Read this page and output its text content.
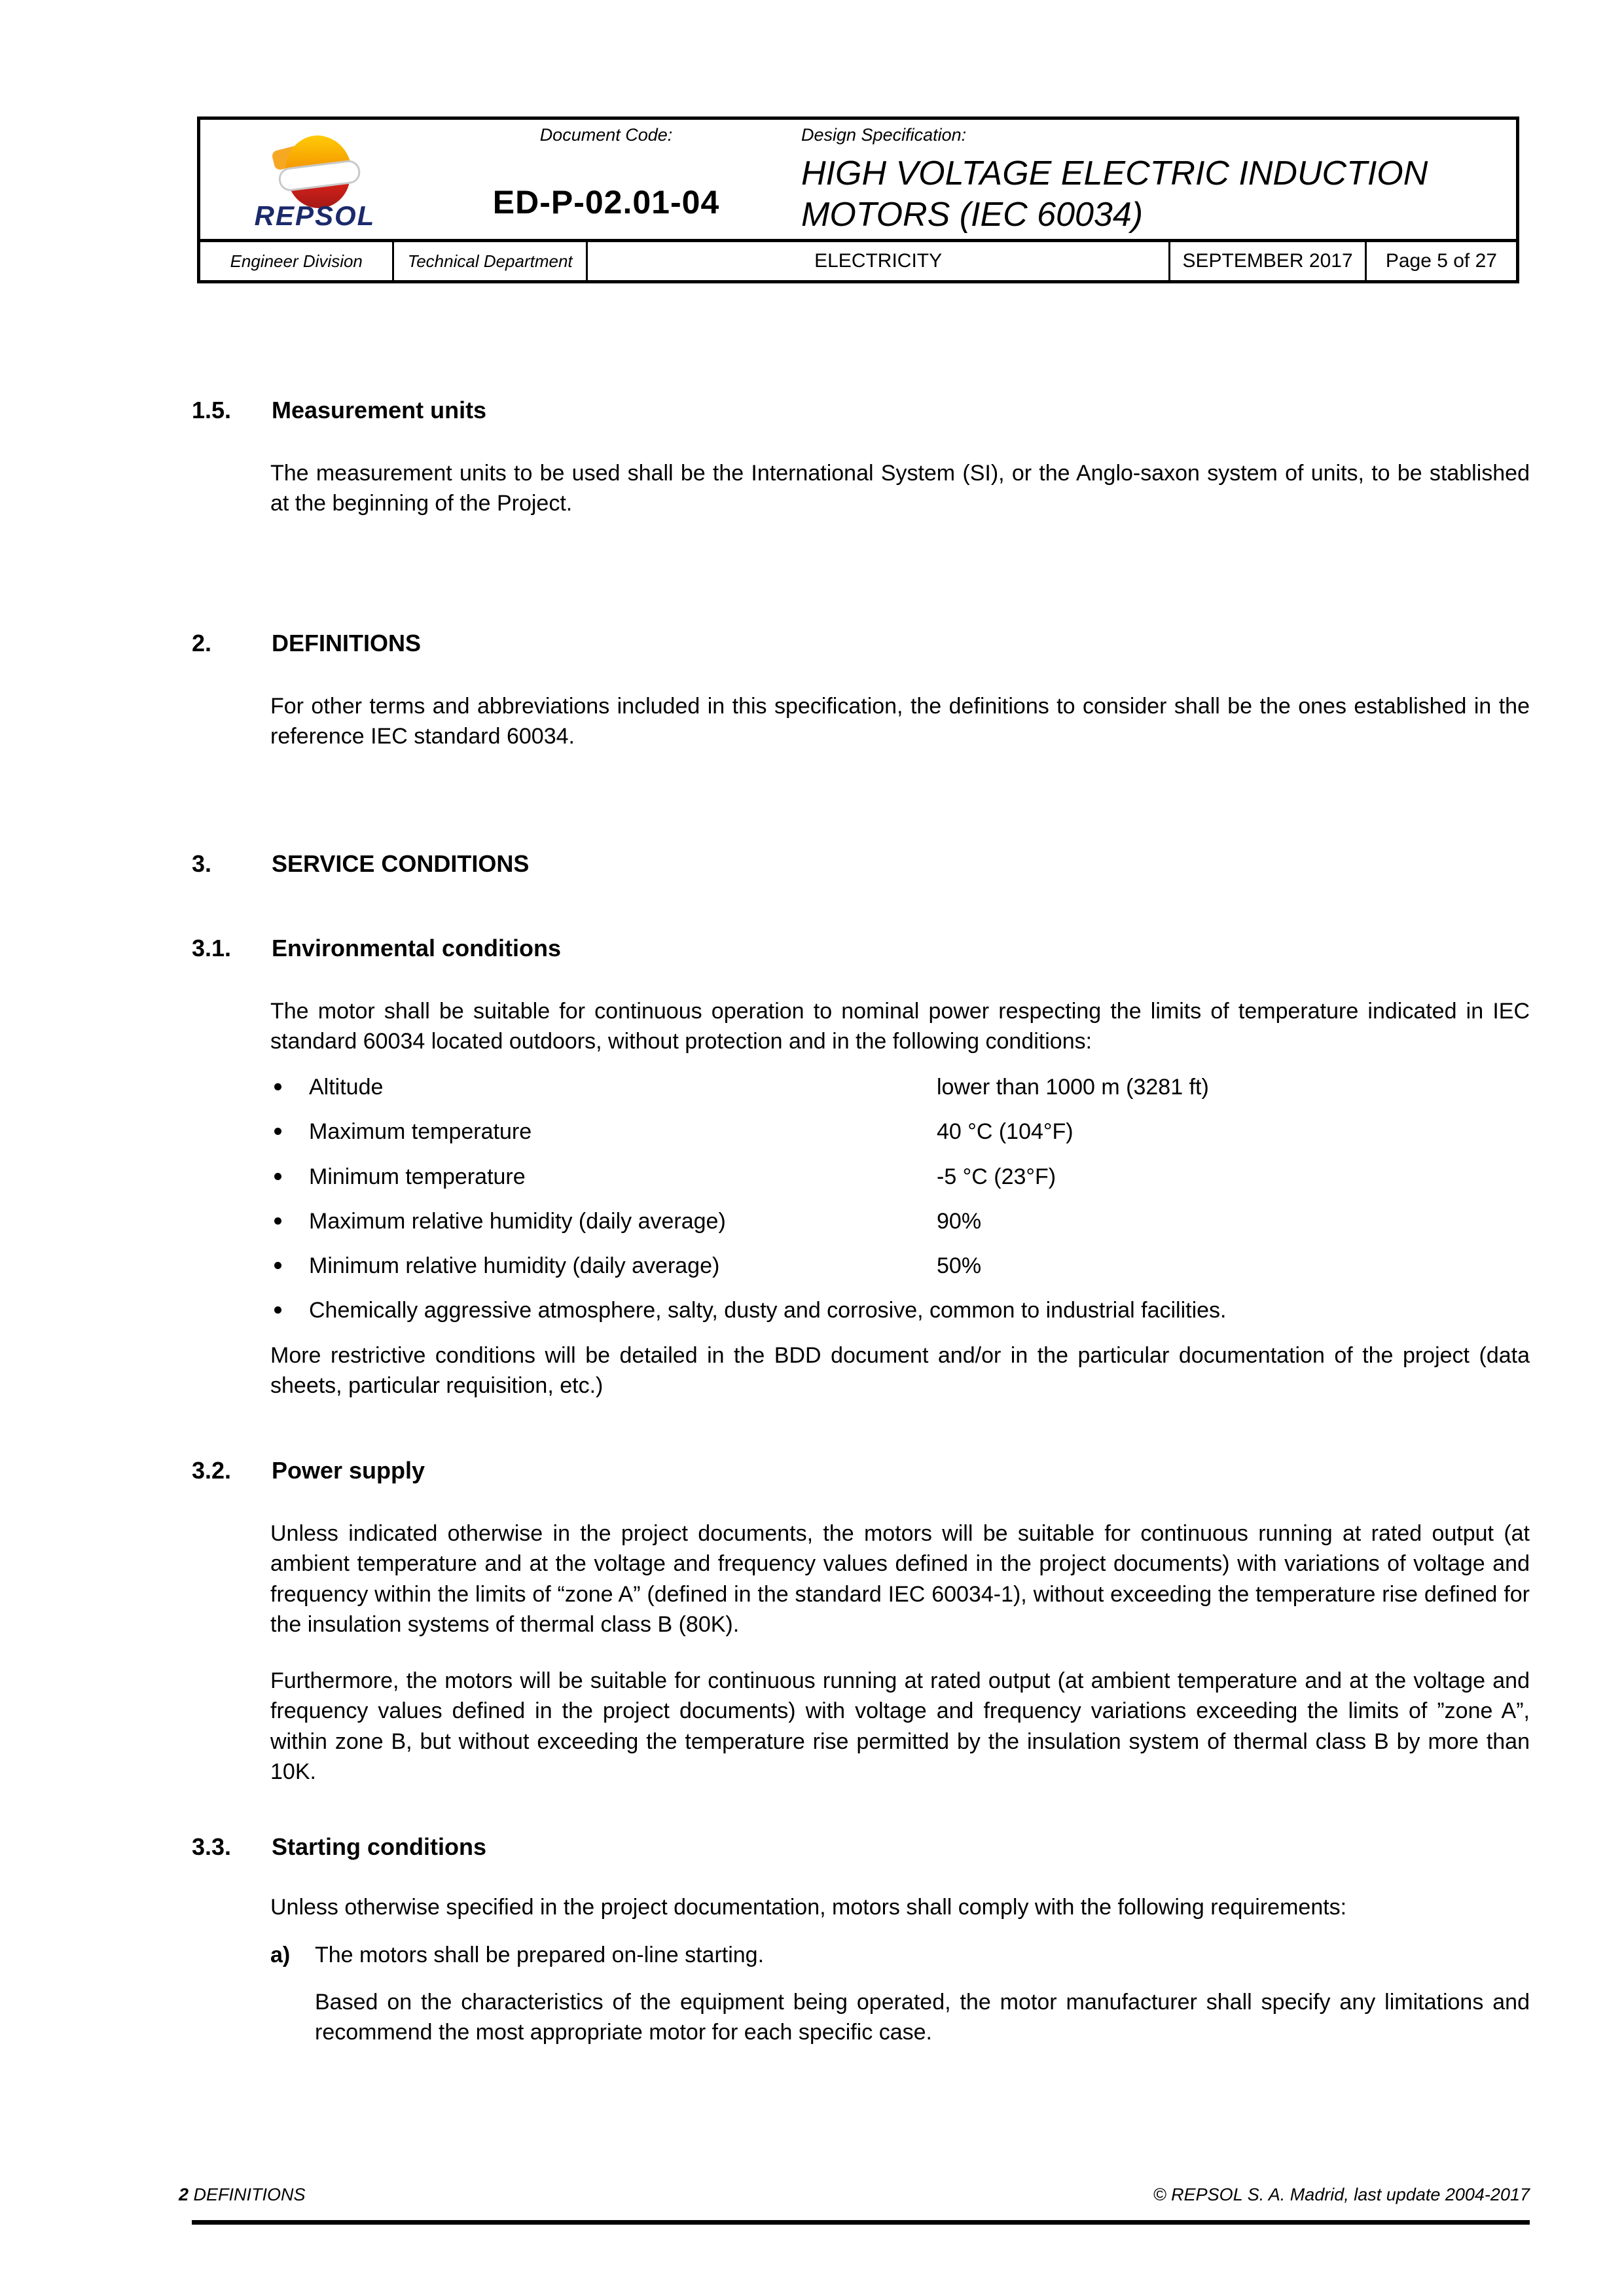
REPSOL
Document Code:
ED-P-02.01-04
Design Specification:
HIGH VOLTAGE ELECTRIC INDUCTION MOTORS (IEC 60034)
Engineer Division	Technical Department	ELECTRICITY	SEPTEMBER 2017 Page 5 of 27
1.5.	Measurement units

The measurement units to be used shall be the International System (SI), or the Anglo-saxon system of units, to be stablished at the beginning of the Project.

2.	DEFINITIONS

For other terms and abbreviations included in this specification, the definitions to consider shall be the ones established in the reference IEC standard 60034.

3.	SERVICE CONDITIONS
3.1.	Environmental conditions

The motor shall be suitable for continuous operation to nominal power respecting the limits of temperature indicated in IEC standard 60034 located outdoors, without protection and in the following conditions:

Altitude	lower than 1000 m (3281 ft)
Maximum temperature	40 °C (104°F)
Minimum temperature	-5 °C (23°F)
Maximum relative humidity (daily average)	90%
Minimum relative humidity (daily average)	50%
Chemically aggressive atmosphere, salty, dusty and corrosive, common to industrial facilities.

More restrictive conditions will be detailed in the BDD document and/or in the particular documentation of the project (data sheets, particular requisition, etc.)

3.2.	Power supply

Unless indicated otherwise in the project documents, the motors will be suitable for continuous running at rated output (at ambient temperature and at the voltage and frequency values defined in the project documents) with variations of voltage and frequency within the limits of “zone A” (defined in the standard IEC 60034-1), without exceeding the temperature rise defined for the insulation systems of thermal class B (80K).

Furthermore, the motors will be suitable for continuous running at rated output (at ambient temperature and at the voltage and frequency values defined in the project documents) with voltage and frequency variations exceeding the limits of ”zone A”, within zone B, but without exceeding the temperature rise permitted by the insulation system of thermal class B by more than 10K.

3.3.	Starting conditions

Unless otherwise specified in the project documentation, motors shall comply with the following requirements:

a)	The motors shall be prepared on-line starting.

Based on the characteristics of the equipment being operated, the motor manufacturer shall specify any limitations and recommend the most appropriate motor for each specific case.

2 DEFINITIONS	© REPSOL S. A. Madrid, last update 2004-2017
